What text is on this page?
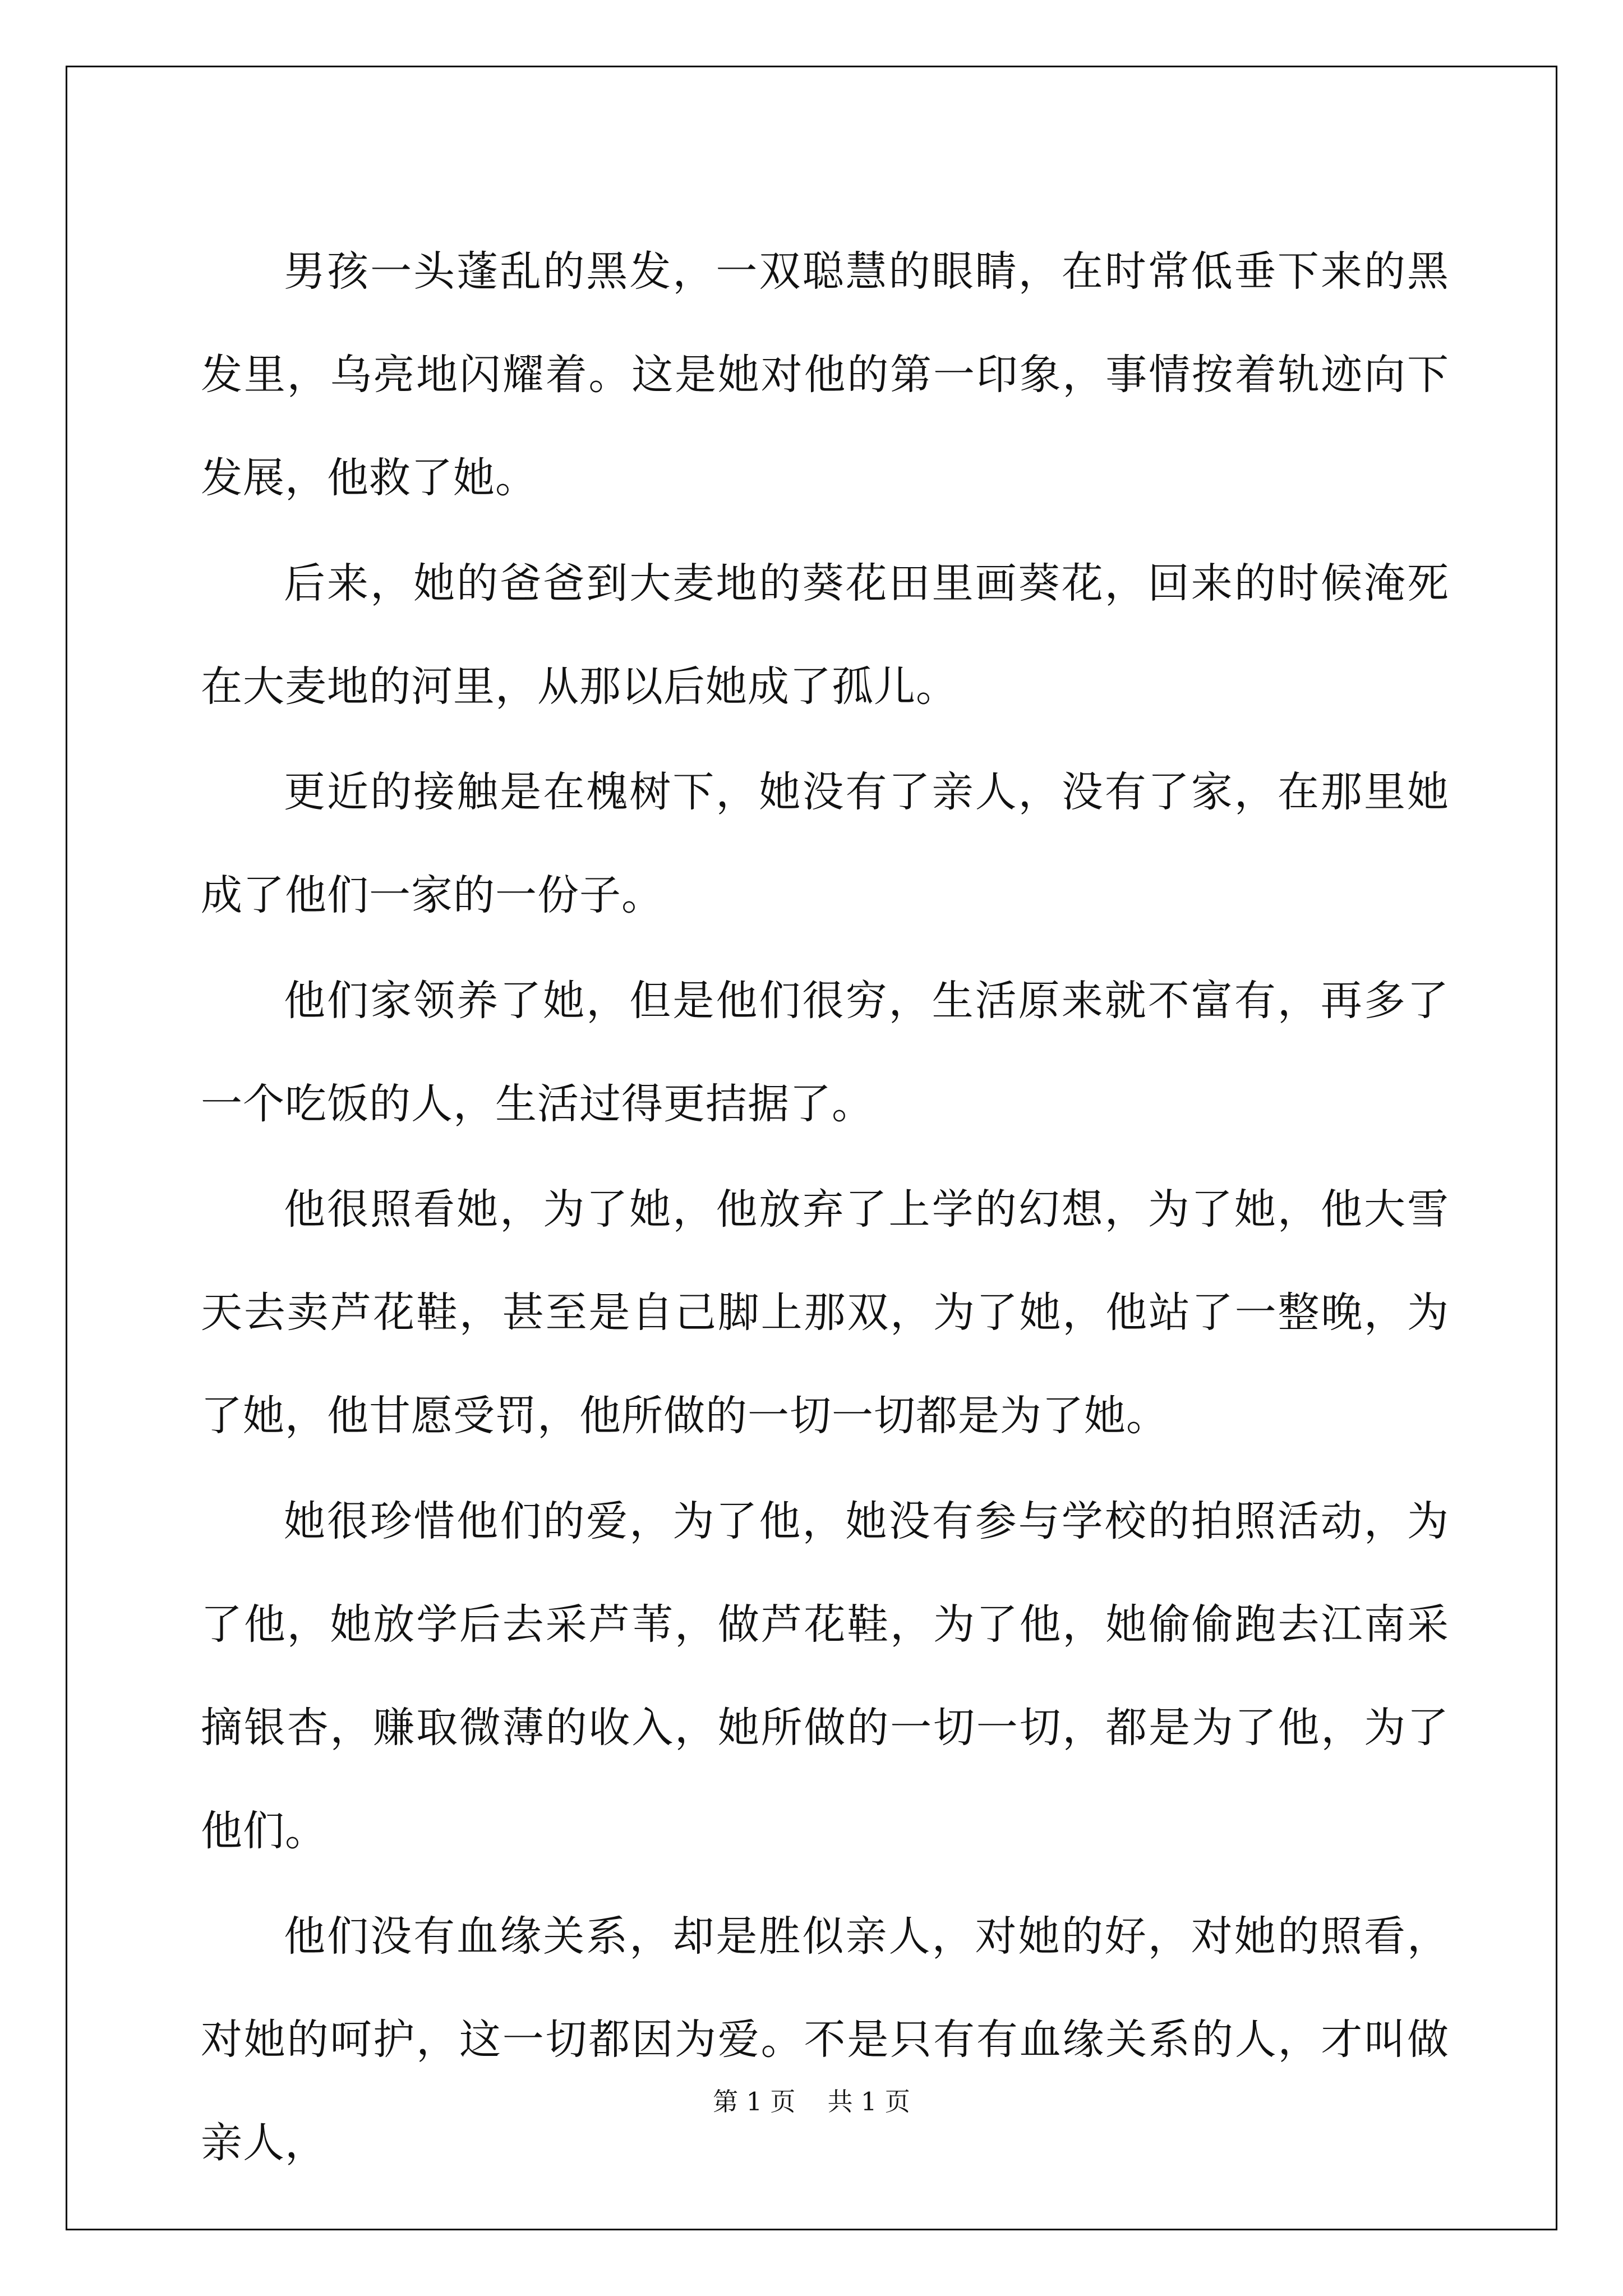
男孩一头蓬乱的黑发，一双聪慧的眼睛，在时常低垂下来的黑发里，乌亮地闪耀着。这是她对他的第一印象，事情按着轨迹向下发展，他救了她。

后来，她的爸爸到大麦地的葵花田里画葵花，回来的时候淹死在大麦地的河里，从那以后她成了孤儿。

更近的接触是在槐树下，她没有了亲人，没有了家，在那里她成了他们一家的一份子。

他们家领养了她，但是他们很穷，生活原来就不富有，再多了一个吃饭的人，生活过得更拮据了。

他很照看她，为了她，他放弃了上学的幻想，为了她，他大雪天去卖芦花鞋，甚至是自己脚上那双，为了她，他站了一整晚，为了她，他甘愿受罚，他所做的一切一切都是为了她。

她很珍惜他们的爱，为了他，她没有参与学校的拍照活动，为了他，她放学后去采芦苇，做芦花鞋，为了他，她偷偷跑去江南采摘银杏，赚取微薄的收入，她所做的一切一切，都是为了他，为了他们。

他们没有血缘关系，却是胜似亲人，对她的好，对她的照看，对她的呵护，这一切都因为爱。不是只有有血缘关系的人，才叫做亲人，

第 1 页    共 1 页
